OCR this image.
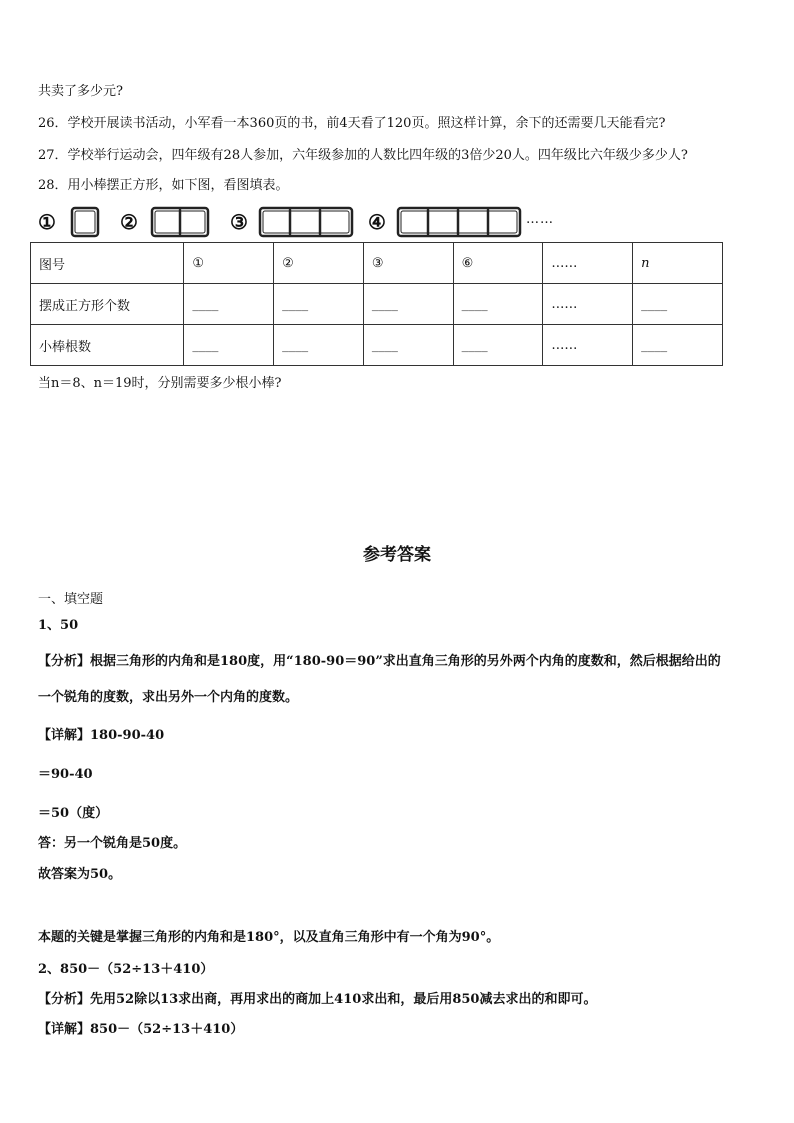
共卖了多少元?
26．学校开展读书活动，小军看一本360页的书，前4天看了120页。照这样计算，余下的还需要几天能看完?
27．学校举行运动会，四年级有28人参加，六年级参加的人数比四年级的3倍少20人。四年级比六年级少多少人?
28．用小棒摆正方形，如下图，看图填表。
①	②	③	④	……
图号	①	②	③	⑥	……	n
摆成正方形个数	____	____	____	____	……	____
小棒根数	____	____	____	____	……	____
当n＝8、n＝19时，分别需要多少根小棒?
参考答案
一、填空题
1、50
【分析】根据三角形的内角和是180度，用“180-90＝90”求出直角三角形的另外两个内角的度数和，然后根据给出的
一个锐角的度数，求出另外一个内角的度数。
【详解】180-90-40
＝90-40
＝50（度）
答：另一个锐角是50度。
故答案为50。
本题的关键是掌握三角形的内角和是180°，以及直角三角形中有一个角为90°。
2、850－（52÷13＋410）
【分析】先用52除以13求出商，再用求出的商加上410求出和，最后用850减去求出的和即可。
【详解】850－（52÷13＋410）
